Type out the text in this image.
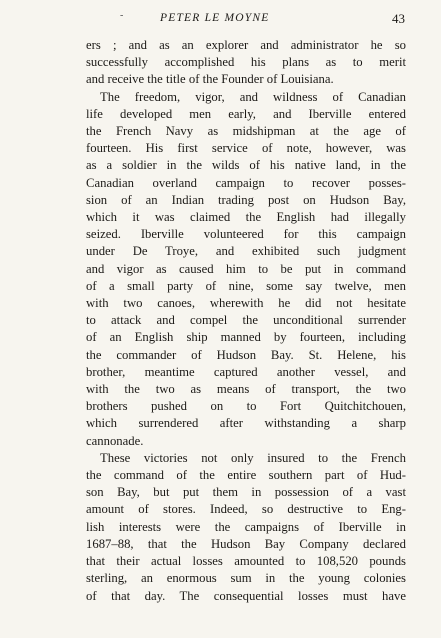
-	PETER LE MOYNE	43

ers ; and as an explorer and administrator he so
successfully accomplished his plans as to merit
and receive the title of the Founder of Louisiana.

The freedom, vigor, and wildness of Canadian
life developed men early, and Iberville entered
the French Navy as midshipman at the age of
fourteen. His first service of note, however, was
as a soldier in the wilds of his native land, in the
Canadian overland campaign to recover posses-
sion of an Indian trading post on Hudson Bay,
which it was claimed the English had illegally
seized. Iberville volunteered for this campaign
under De Troye, and exhibited such judgment
and vigor as caused him to be put in command
of a small party of nine, some say twelve, men
with two canoes, wherewith he did not hesitate
to attack and compel the unconditional surrender
of an English ship manned by fourteen, including
the commander of Hudson Bay. St. Helene, his
brother, meantime captured another vessel, and
with the two as means of transport, the two
brothers pushed on to Fort Quitchitchouen,
which surrendered after withstanding a sharp
cannonade.

These victories not only insured to the French
the command of the entire southern part of Hud-
son Bay, but put them in possession of a vast
amount of stores. Indeed, so destructive to Eng-
lish interests were the campaigns of Iberville in
1687–88, that the Hudson Bay Company declared
that their actual losses amounted to 108,520 pounds
sterling, an enormous sum in the young colonies
of that day. The consequential losses must have
